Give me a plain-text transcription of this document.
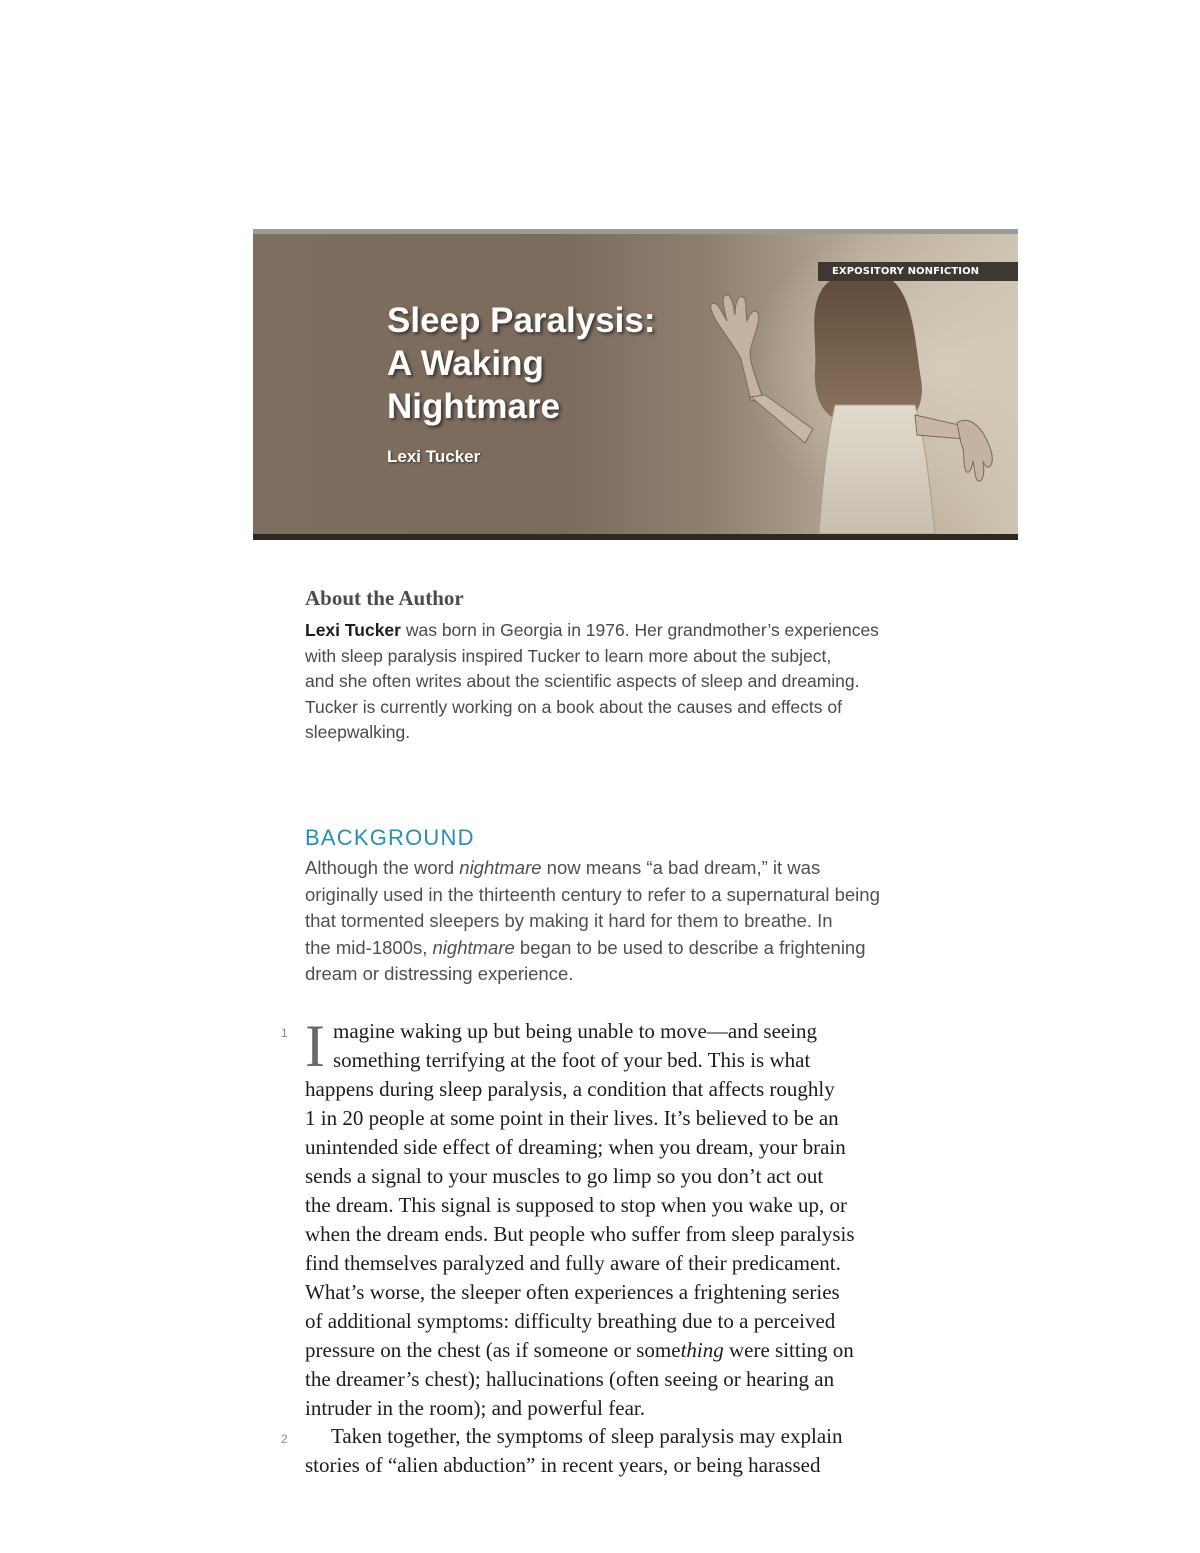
EXPOSITORY NONFICTION
Sleep Paralysis:
A Waking
Nightmare
Lexi Tucker
About the Author
Lexi Tucker was born in Georgia in 1976. Her grandmother’s experiences
with sleep paralysis inspired Tucker to learn more about the subject,
and she often writes about the scientific aspects of sleep and dreaming.
Tucker is currently working on a book about the causes and effects of
sleepwalking.
BACKGROUND
Although the word nightmare now means “a bad dream,” it was
originally used in the thirteenth century to refer to a supernatural being
that tormented sleepers by making it hard for them to breathe. In
the mid-1800s, nightmare began to be used to describe a frightening
dream or distressing experience.
1 I magine waking up but being unable to move—and seeing
something terrifying at the foot of your bed. This is what
happens during sleep paralysis, a condition that affects roughly
1 in 20 people at some point in their lives. It’s believed to be an
unintended side effect of dreaming; when you dream, your brain
sends a signal to your muscles to go limp so you don’t act out
the dream. This signal is supposed to stop when you wake up, or
when the dream ends. But people who suffer from sleep paralysis
find themselves paralyzed and fully aware of their predicament.
What’s worse, the sleeper often experiences a frightening series
of additional symptoms: difficulty breathing due to a perceived
pressure on the chest (as if someone or something were sitting on
the dreamer’s chest); hallucinations (often seeing or hearing an
intruder in the room); and powerful fear.
2	Taken together, the symptoms of sleep paralysis may explain
stories of “alien abduction” in recent years, or being harassed
